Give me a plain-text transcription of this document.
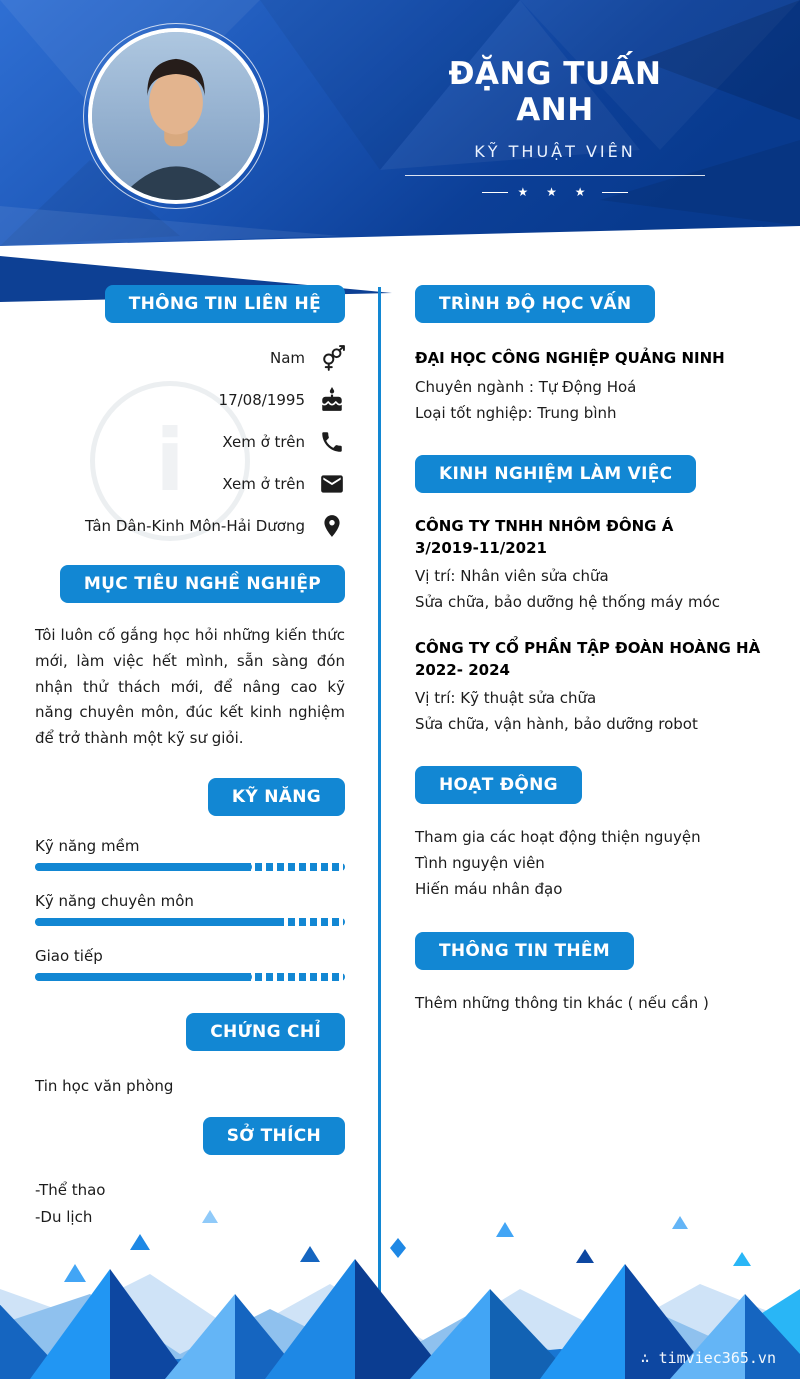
ĐẶNG TUẤN ANH
KỸ THUẬT VIÊN
★ ★ ★
THÔNG TIN LIÊN HỆ
i
Nam
17/08/1995
Xem ở trên
Xem ở trên
Tân Dân-Kinh Môn-Hải Dương
MỤC TIÊU NGHỀ NGHIỆP

Tôi luôn cố gắng học hỏi những kiến thức mới, làm việc hết mình, sẵn sàng đón nhận thử thách mới, để nâng cao kỹ năng chuyên môn, đúc kết kinh nghiệm để trở thành một kỹ sư giỏi.

KỸ NĂNG
Kỹ năng mềm
Kỹ năng chuyên môn
Giao tiếp
CHỨNG CHỈ
Tin học văn phòng
SỞ THÍCH
-Thể thao
-Du lịch
TRÌNH ĐỘ HỌC VẤN
ĐẠI HỌC CÔNG NGHIỆP QUẢNG NINH
Chuyên ngành : Tự Động Hoá
Loại tốt nghiệp: Trung bình
KINH NGHIỆM LÀM VIỆC
CÔNG TY TNHH NHÔM ĐÔNG Á
3/2019-11/2021
Vị trí: Nhân viên sửa chữa
Sửa chữa, bảo dưỡng hệ thống máy móc
CÔNG TY CỔ PHẦN TẬP ĐOÀN HOÀNG HÀ
2022- 2024
Vị trí: Kỹ thuật sửa chữa
Sửa chữa, vận hành, bảo dưỡng robot
HOẠT ĐỘNG
Tham gia các hoạt động thiện nguyện
Tình nguyện viên
Hiến máu nhân đạo
THÔNG TIN THÊM
Thêm những thông tin khác ( nếu cần )
∴ timviec365.vn
